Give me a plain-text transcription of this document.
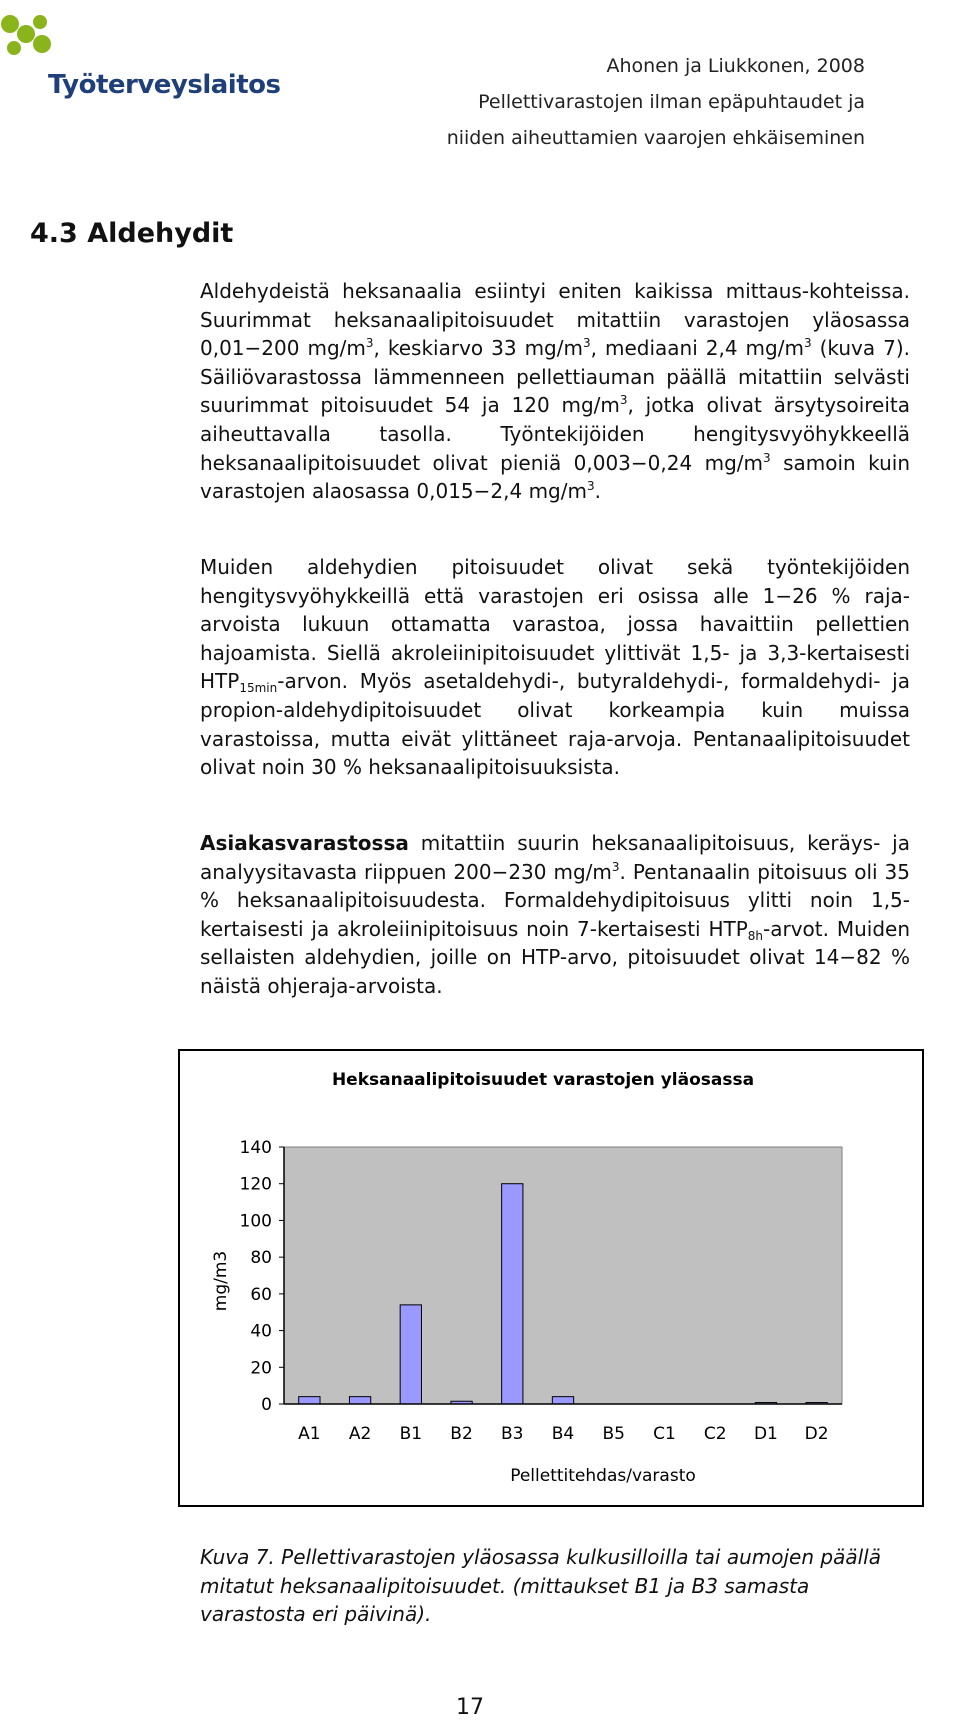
Työterveyslaitos
Ahonen ja Liukkonen, 2008
Pellettivarastojen ilman epäpuhtaudet ja
niiden aiheuttamien vaarojen ehkäiseminen
4.3 Aldehydit
Aldehydeistä heksanaalia esiintyi eniten kaikissa mittaus-kohteissa. Suurimmat heksanaalipitoisuudet mitattiin varastojen yläosassa 0,01−200 $mg/m^3$, keskiarvo 33 $mg/m^3$, mediaani 2,4 $mg/m^3$ (kuva 7). Säiliövarastossa lämmenneen pellettiauman päällä mitattiin selvästi suurimmat pitoisuudet 54 ja 120 $mg/m^3$, jotka olivat ärsytysoireita aiheuttavalla tasolla. Työntekijöiden hengitysvyöhykkeellä heksanaalipitoisuudet olivat pieniä 0,003−0,24 $mg/m^3$ samoin kuin varastojen alaosassa 0,015−2,4 $mg/m^3$.
Muiden aldehydien pitoisuudet olivat sekä työntekijöiden hengitysvyöhykkeillä että varastojen eri osissa alle 1−26 % raja-arvoista lukuun ottamatta varastoa, jossa havaittiin pellettien hajoamista. Siellä akroleiinipitoisuudet ylittivät 1,5- ja 3,3-kertaisesti $HTP_{15min}$-arvon. Myös asetaldehydi-, butyraldehydi-, formaldehydi- ja propion-aldehydipitoisuudet olivat korkeampia kuin muissa varastoissa, mutta eivät ylittäneet raja-arvoja. Pentanaalipitoisuudet olivat noin 30 % heksanaalipitoisuuksista.
Asiakasvarastossa mitattiin suurin heksanaalipitoisuus, keräys- ja analyysitavasta riippuen 200−230 $mg/m^3$. Pentanaalin pitoisuus oli 35 % heksanaalipitoisuudesta. Formaldehydipitoisuus ylitti noin 1,5-kertaisesti ja akroleiinipitoisuus noin 7-kertaisesti $HTP_{8h}$-arvot. Muiden sellaisten aldehydien, joille on HTP-arvo, pitoisuudet olivat 14−82 % näistä ohjeraja-arvoista.
Heksanaalipitoisuudet varastojen yläosassa
0
20
40
60
80
100
120
140
A1 A2 B1 B2 B3 B4 B5 C1 C2 D1 D2
mg/m3
Pellettitehdas/varasto
Kuva 7. Pellettivarastojen yläosassa kulkusilloilla tai aumojen päällä mitatut heksanaalipitoisuudet. (mittaukset B1 ja B3 samasta varastosta eri päivinä).
17
